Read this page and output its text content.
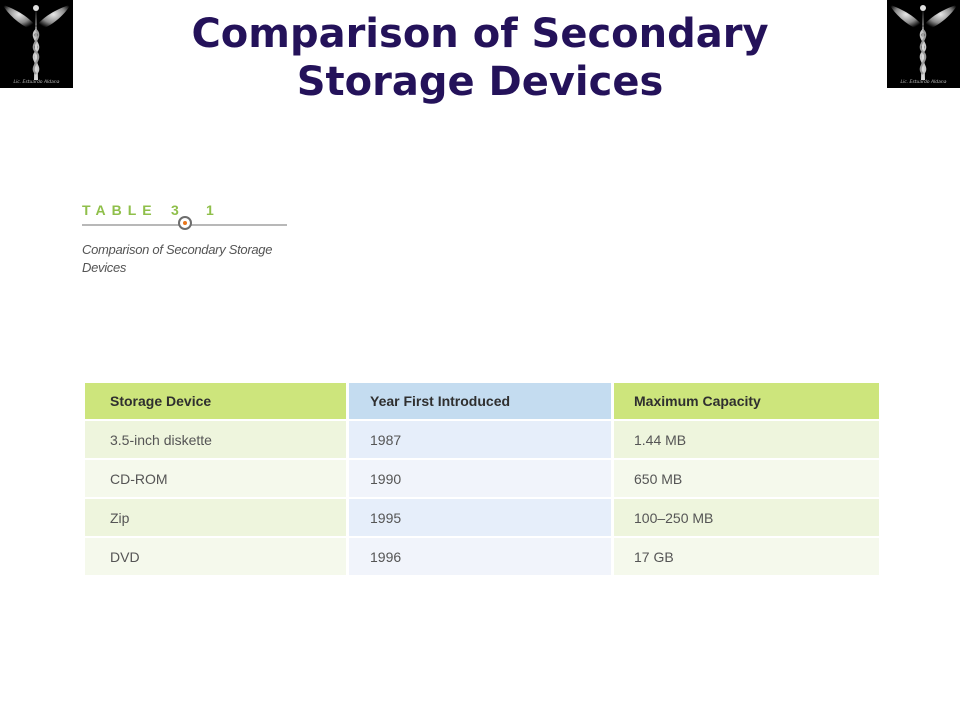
Lic. Estuardo Aldana	Lic. Estuardo Aldana
Comparison of Secondary
Storage Devices
TABLE 3 1

Comparison of Secondary Storage Devices

Storage Device	Year First Introduced	Maximum Capacity
3.5-inch diskette	1987	1.44 MB
CD-ROM	1990	650 MB
Zip	1995	100–250 MB
DVD	1996	17 GB
